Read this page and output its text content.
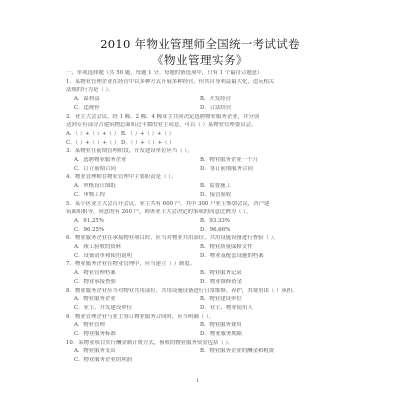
2010 年物业管理师全国统一考试试卷
《物业管理实务》
一、单项选择题（共 50 题，每题 1 分。每题的备选项中，只有 1 个最符合题意）
1．某物业管理企业在经营中以多种方式开展多种经营，但其自身利益最大化，违反相关
法规的行为是（ ）。
A．谋利益	B．开发经营
C．违规停	D．合法经营
2．业主大会会议，经 1 幢、2 幢、4 幢业主共同决定选聘物业服务企业，并分别
达到专有部分占建筑物总面积过半数的业主同意，可以（ ）某物业管理委员会。
A．（ ）+（ ）+（ ） B．（ ）+（ ）+（ ）
C．（ ）+（ ）+（ ） D．（ ）+（ ）+（ ）
3．某物业在前期管理阶段，开发建设单位应当（ ）。
A．选聘物业服务企业	B．物业服务企业一个月
C．订立前期合同	D．签订前期服务合同
4．物业管理师在物业管理中主要职责是（ ）。
A．审核设计图纸	B．监督施工
C．审核工程	D．接管验收
5．某小区业主大会召开会议，业主共有 600 户，其中 300 户业主参加会议，各户建
筑面积相等，同意的有 200 户，则该业主大会决定的事项的同意比例为（ ）。
A．91.25%	B．93.33%
C．96.25%	D．96.66%
6．物业服务企业在承接物业项目时，应当对物业共用部位、共用设施设备进行查验（ ）。
A．竣工验收的资料	B．物业质量保修文件
C．设备清单和使用说明	D．物业及配套设施的档案
7．物业服务企业在物业管理中，应当建立（ ）制度。
A．物业管理档案	B．物业服务记录
C．物业承接查验	D．物业维修资金
8．物业服务企业应当对物业共用部位、共用设施设备进行日常维修、养护，其费用由（ ）承担。
A．物业服务企业	B．物业建设单位
C．业主、开发建设单位	D．业主、物业使用人
9．物业管理企业与业主签订物业服务合同时，应当明确（ ）。
A．物业管理	B．物业服务费用
C．物业服务标准	D．物业服务期限
10．某物业项目实行酬金制计费方式，预收的物业服务资金包括（ ）。
A．物业服务支出	B．物业服务企业的酬金和税费
C．物业服务企业的利润
1
